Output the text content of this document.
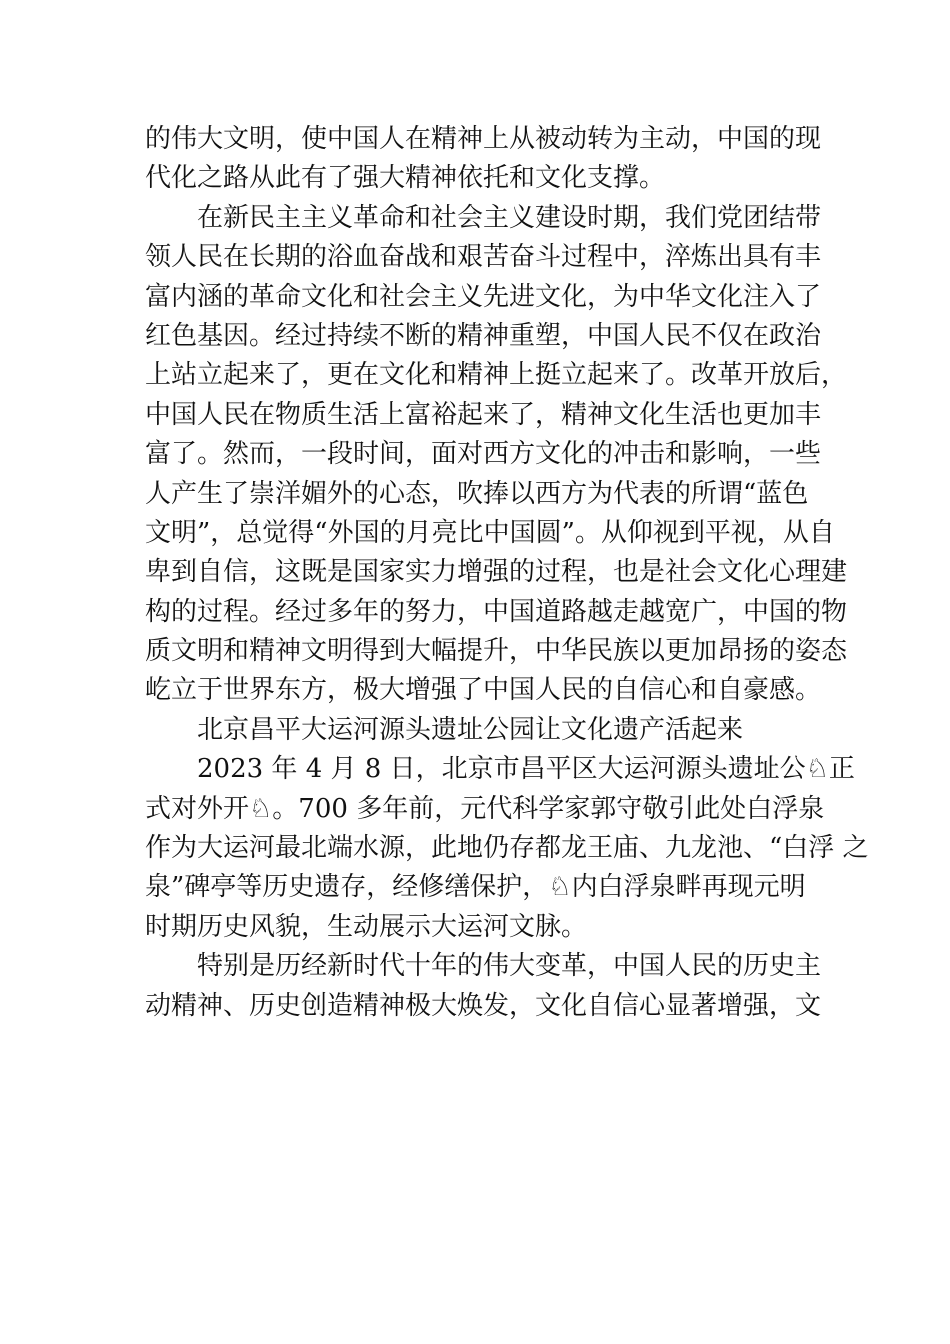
的伟大文明，使中国人在精神上从被动转为主动，中国的现
代化之路从此有了强大精神依托和文化支撑。
在新民主主义革命和社会主义建设时期，我们党团结带
领人民在长期的浴血奋战和艰苦奋斗过程中，淬炼出具有丰
富内涵的革命文化和社会主义先进文化，为中华文化注入了
红色基因。经过持续不断的精神重塑，中国人民不仅在政治
上站立起来了，更在文化和精神上挺立起来了。改革开放后，
中国人民在物质生活上富裕起来了，精神文化生活也更加丰
富了。然而，一段时间，面对西方文化的冲击和影响，一些
人产生了崇洋媚外的心态，吹捧以西方为代表的所谓“蓝色
文明”，总觉得“外国的月亮比中国圆”。从仰视到平视，从自
卑到自信，这既是国家实力增强的过程，也是社会文化心理建
构的过程。经过多年的努力，中国道路越走越宽广，中国的物
质文明和精神文明得到大幅提升，中华民族以更加昂扬的姿态
屹立于世界东方，极大增强了中国人民的自信心和自豪感。
北京昌平大运河源头遗址公园让文化遗产活起来
2023 年 4 月 8 日，北京市昌平区大运河源头遗址公♘正
式对外开♘。700 多年前，元代科学家郭守敬引此处白浮泉
作为大运河最北端水源，此地仍存都龙王庙、九龙池、“白浮 之
泉”碑亭等历史遗存，经修缮保护，♘内白浮泉畔再现元明
时期历史风貌，生动展示大运河文脉。
特别是历经新时代十年的伟大变革，中国人民的历史主
动精神、历史创造精神极大焕发，文化自信心显著增强，文
